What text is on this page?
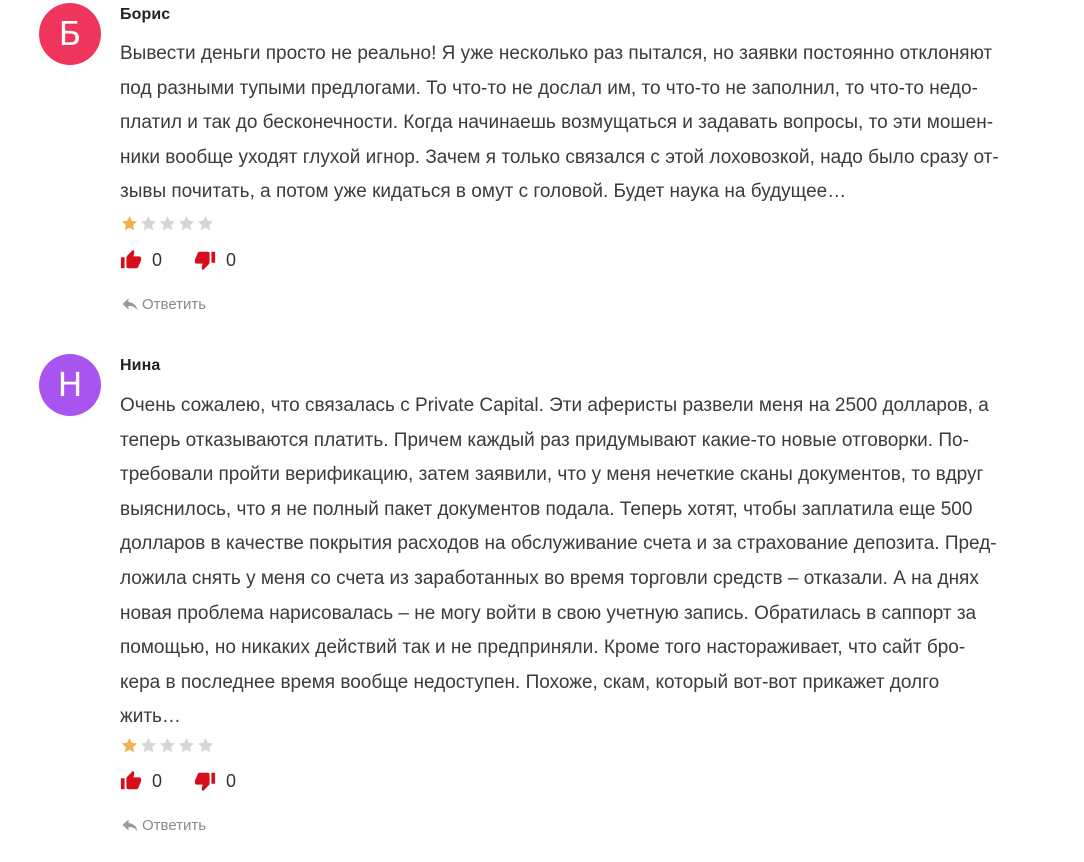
Б	Борис

Вывести деньги просто не реально! Я уже несколько раз пытался, но заявки постоянно отклоняют
под разными тупыми предлогами. То что-то не дослал им, то что-то не заполнил, то что-то недо-
платил и так до бесконечности. Когда начинаешь возмущаться и задавать вопросы, то эти мошен-
ники вообще уходят глухой игнор. Зачем я только связался с этой лоховозкой, надо было сразу от-
зывы почитать, а потом уже кидаться в омут с головой. Будет наука на будущее…

0	0
Ответить
Н	Нина

Очень сожалею, что связалась с Private Capital. Эти аферисты развели меня на 2500 долларов, а
теперь отказываются платить. Причем каждый раз придумывают какие-то новые отговорки. По-
требовали пройти верификацию, затем заявили, что у меня нечеткие сканы документов, то вдруг
выяснилось, что я не полный пакет документов подала. Теперь хотят, чтобы заплатила еще 500
долларов в качестве покрытия расходов на обслуживание счета и за страхование депозита. Пред-
ложила снять у меня со счета из заработанных во время торговли средств – отказали. А на днях
новая проблема нарисовалась – не могу войти в свою учетную запись. Обратилась в саппорт за
помощью, но никаких действий так и не предприняли. Кроме того настораживает, что сайт бро-
кера в последнее время вообще недоступен. Похоже, скам, который вот-вот прикажет долго
жить…

0	0
Ответить
